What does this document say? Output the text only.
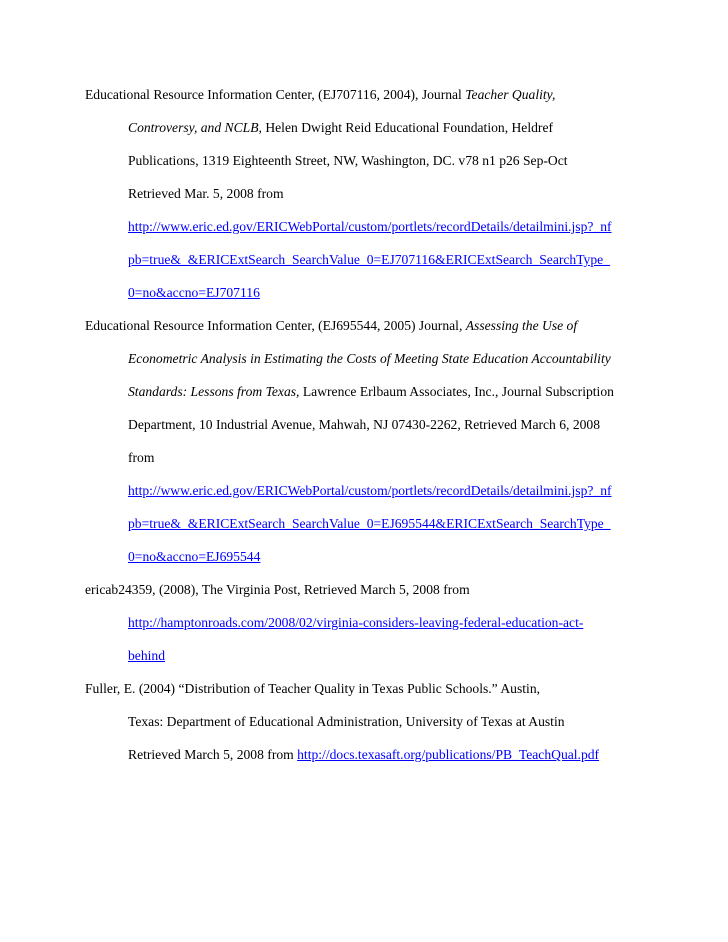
Educational Resource Information Center, (EJ707116, 2004), Journal Teacher Quality,
Controversy, and NCLB, Helen Dwight Reid Educational Foundation, Heldref
Publications, 1319 Eighteenth Street, NW, Washington, DC. v78 n1 p26 Sep-Oct
Retrieved Mar. 5, 2008 from
http://www.eric.ed.gov/ERICWebPortal/custom/portlets/recordDetails/detailmini.jsp?_nf
pb=true&_&ERICExtSearch_SearchValue_0=EJ707116&ERICExtSearch_SearchType_
0=no&accno=EJ707116
Educational Resource Information Center, (EJ695544, 2005) Journal, Assessing the Use of
Econometric Analysis in Estimating the Costs of Meeting State Education Accountability
Standards: Lessons from Texas, Lawrence Erlbaum Associates, Inc., Journal Subscription
Department, 10 Industrial Avenue, Mahwah, NJ 07430-2262, Retrieved March 6, 2008
from
http://www.eric.ed.gov/ERICWebPortal/custom/portlets/recordDetails/detailmini.jsp?_nf
pb=true&_&ERICExtSearch_SearchValue_0=EJ695544&ERICExtSearch_SearchType_
0=no&accno=EJ695544
ericab24359, (2008), The Virginia Post, Retrieved March 5, 2008 from
http://hamptonroads.com/2008/02/virginia-considers-leaving-federal-education-act-
behind
Fuller, E. (2004) “Distribution of Teacher Quality in Texas Public Schools.” Austin,
Texas: Department of Educational Administration, University of Texas at Austin
Retrieved March 5, 2008 from http://docs.texasaft.org/publications/PB_TeachQual.pdf
